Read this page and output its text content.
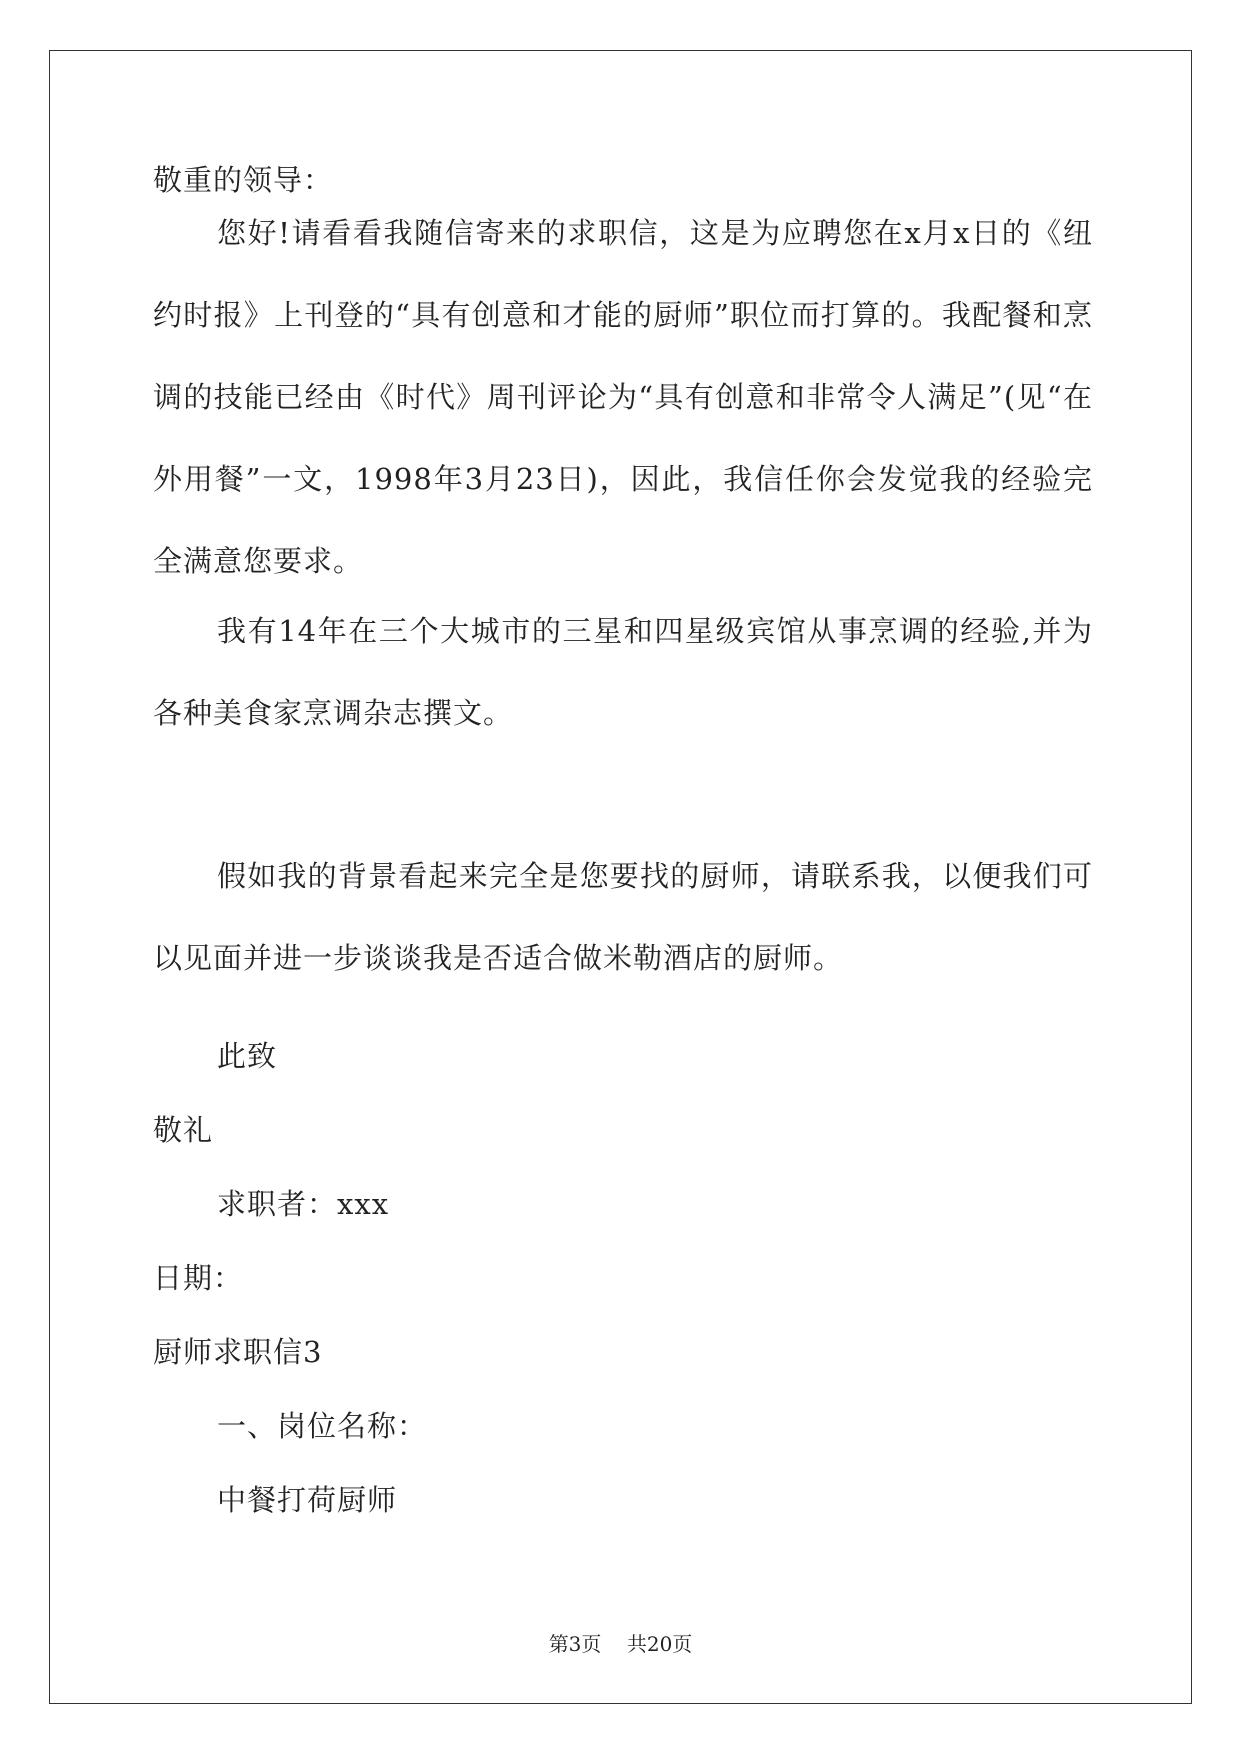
敬重的领导：

您好!请看看我随信寄来的求职信，这是为应聘您在x月x日的《纽约时报》上刊登的“具有创意和才能的厨师”职位而打算的。我配餐和烹调的技能已经由《时代》周刊评论为“具有创意和非常令人满足”(见“在外用餐”一文，1998年3月23日)，因此，我信任你会发觉我的经验完全满意您要求。

我有14年在三个大城市的三星和四星级宾馆从事烹调的经验,并为各种美食家烹调杂志撰文。

假如我的背景看起来完全是您要找的厨师，请联系我，以便我们可以见面并进一步谈谈我是否适合做米勒酒店的厨师。

此致
敬礼
求职者：xxx
日期：
厨师求职信3
一、岗位名称：
中餐打荷厨师
第3页 共20页
